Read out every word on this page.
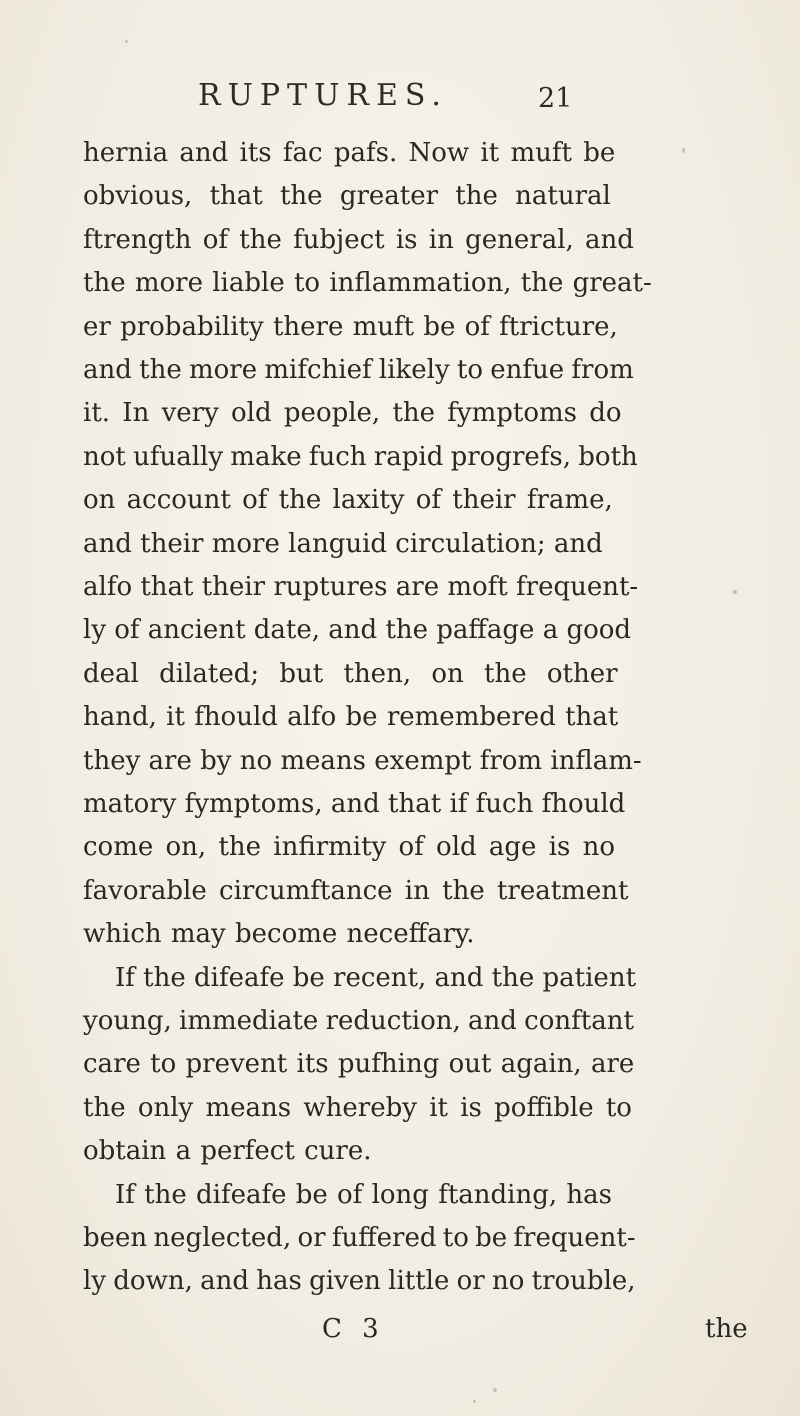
RUPTURES.	21
hernia and its fac pafs. Now it muft be
obvious, that the greater the natural
ftrength of the fubject is in general, and
the more liable to inflammation, the great-
er probability there muft be of ftricture,
and the more mifchief likely to enfue from
it. In very old people, the fymptoms do
not ufually make fuch rapid progrefs, both
on account of the laxity of their frame,
and their more languid circulation; and
alfo that their ruptures are moft frequent-
ly of ancient date, and the paffage a good
deal dilated; but then, on the other
hand, it fhould alfo be remembered that
they are by no means exempt from inflam-
matory fymptoms, and that if fuch fhould
come on, the infirmity of old age is no
favorable circumftance in the treatment
which may become neceffary.
If the difeafe be recent, and the patient
young, immediate reduction, and conftant
care to prevent its pufhing out again, are
the only means whereby it is poffible to
obtain a perfect cure.
If the difeafe be of long ftanding, has
been neglected, or fuffered to be frequent-
ly down, and has given little or no trouble,
C 3	the
